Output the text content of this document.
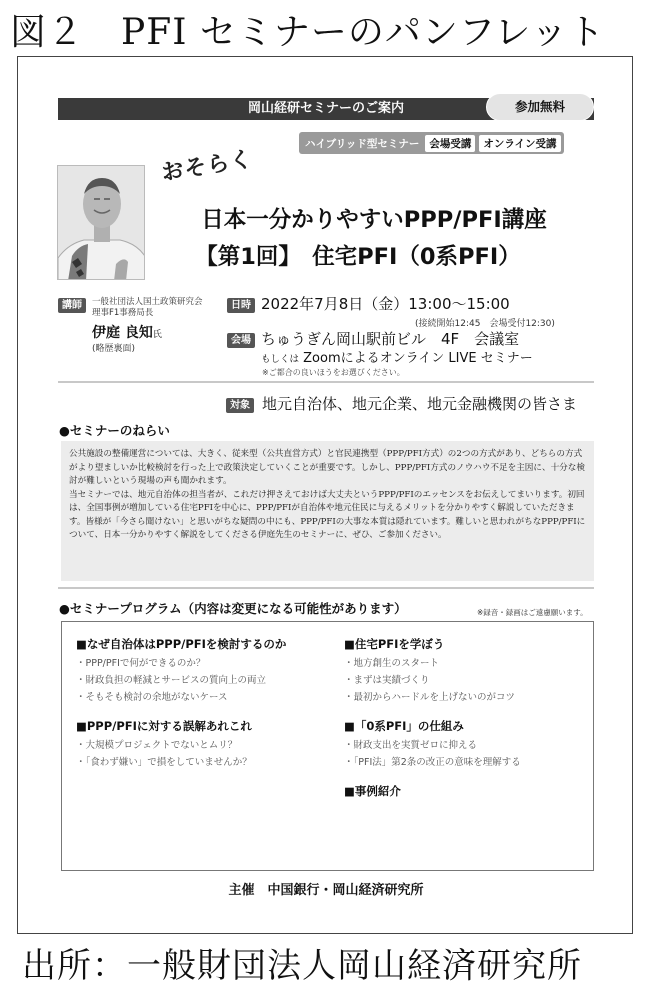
図２　PFI セミナーのパンフレット
岡山経研セミナーのご案内	参加無料
ハイブリッド型セミナー 会場受講	オンライン受講
おそらく
日本一分かりやすいPPP/PFI講座
【第1回】　住宅PFI（0系PFI）
講師	一般社団法人国土政策研究会
理事F1事務局長
伊庭 良知氏
(略歴裏面)
日時 2022年7月8日（金）13:00〜15:00
(接続開始12:45　会場受付12:30)
会場 ちゅうぎん岡山駅前ビル　4F　会議室
もしくは Zoomによるオンライン LIVE セミナー
※ご都合の良いほうをお選びください。
対象 地元自治体、地元企業、地元金融機関の皆さま
●セミナーのねらい

公共施設の整備運営については、大きく、従来型（公共直営方式）と官民連携型（PPP/PFI方式）の2つの方式があり、どちらの方式がより望ましいか比較検討を行った上で政策決定していくことが重要です。しかし、PPP/PFI方式のノウハウ不足を主因に、十分な検討が難しいという現場の声も聞かれます。

当セミナーでは、地元自治体の担当者が、これだけ押さえておけば大丈夫というPPP/PFIのエッセンスをお伝えしてまいります。初回は、全国事例が増加している住宅PFIを中心に、PPP/PFIが自治体や地元住民に与えるメリットを分かりやすく解説していただきます。皆様が「今さら聞けない」と思いがちな疑問の中にも、PPP/PFIの大事な本質は隠れています。難しいと思われがちなPPP/PFIについて、日本一分かりやすく解説をしてくださる伊庭先生のセミナーに、ぜひ、ご参加ください。

●セミナープログラム（内容は変更になる可能性があります）	※録音・録画はご遠慮願います。
■なぜ自治体はPPP/PFIを検討するのか
・PPP/PFIで何ができるのか？
・財政負担の軽減とサービスの質向上の両立
・そもそも検討の余地がないケース
■PPP/PFIに対する誤解あれこれ
・大規模プロジェクトでないとムリ？
・「食わず嫌い」で損をしていませんか？
■住宅PFIを学ぼう
・地方創生のスタート
・まずは実績づくり
・最初からハードルを上げないのがコツ
■「0系PFI」の仕組み
・財政支出を実質ゼロに抑える
・「PFI法」第2条の改正の意味を理解する
■事例紹介
主催　中国銀行・岡山経済研究所
出所：一般財団法人岡山経済研究所
